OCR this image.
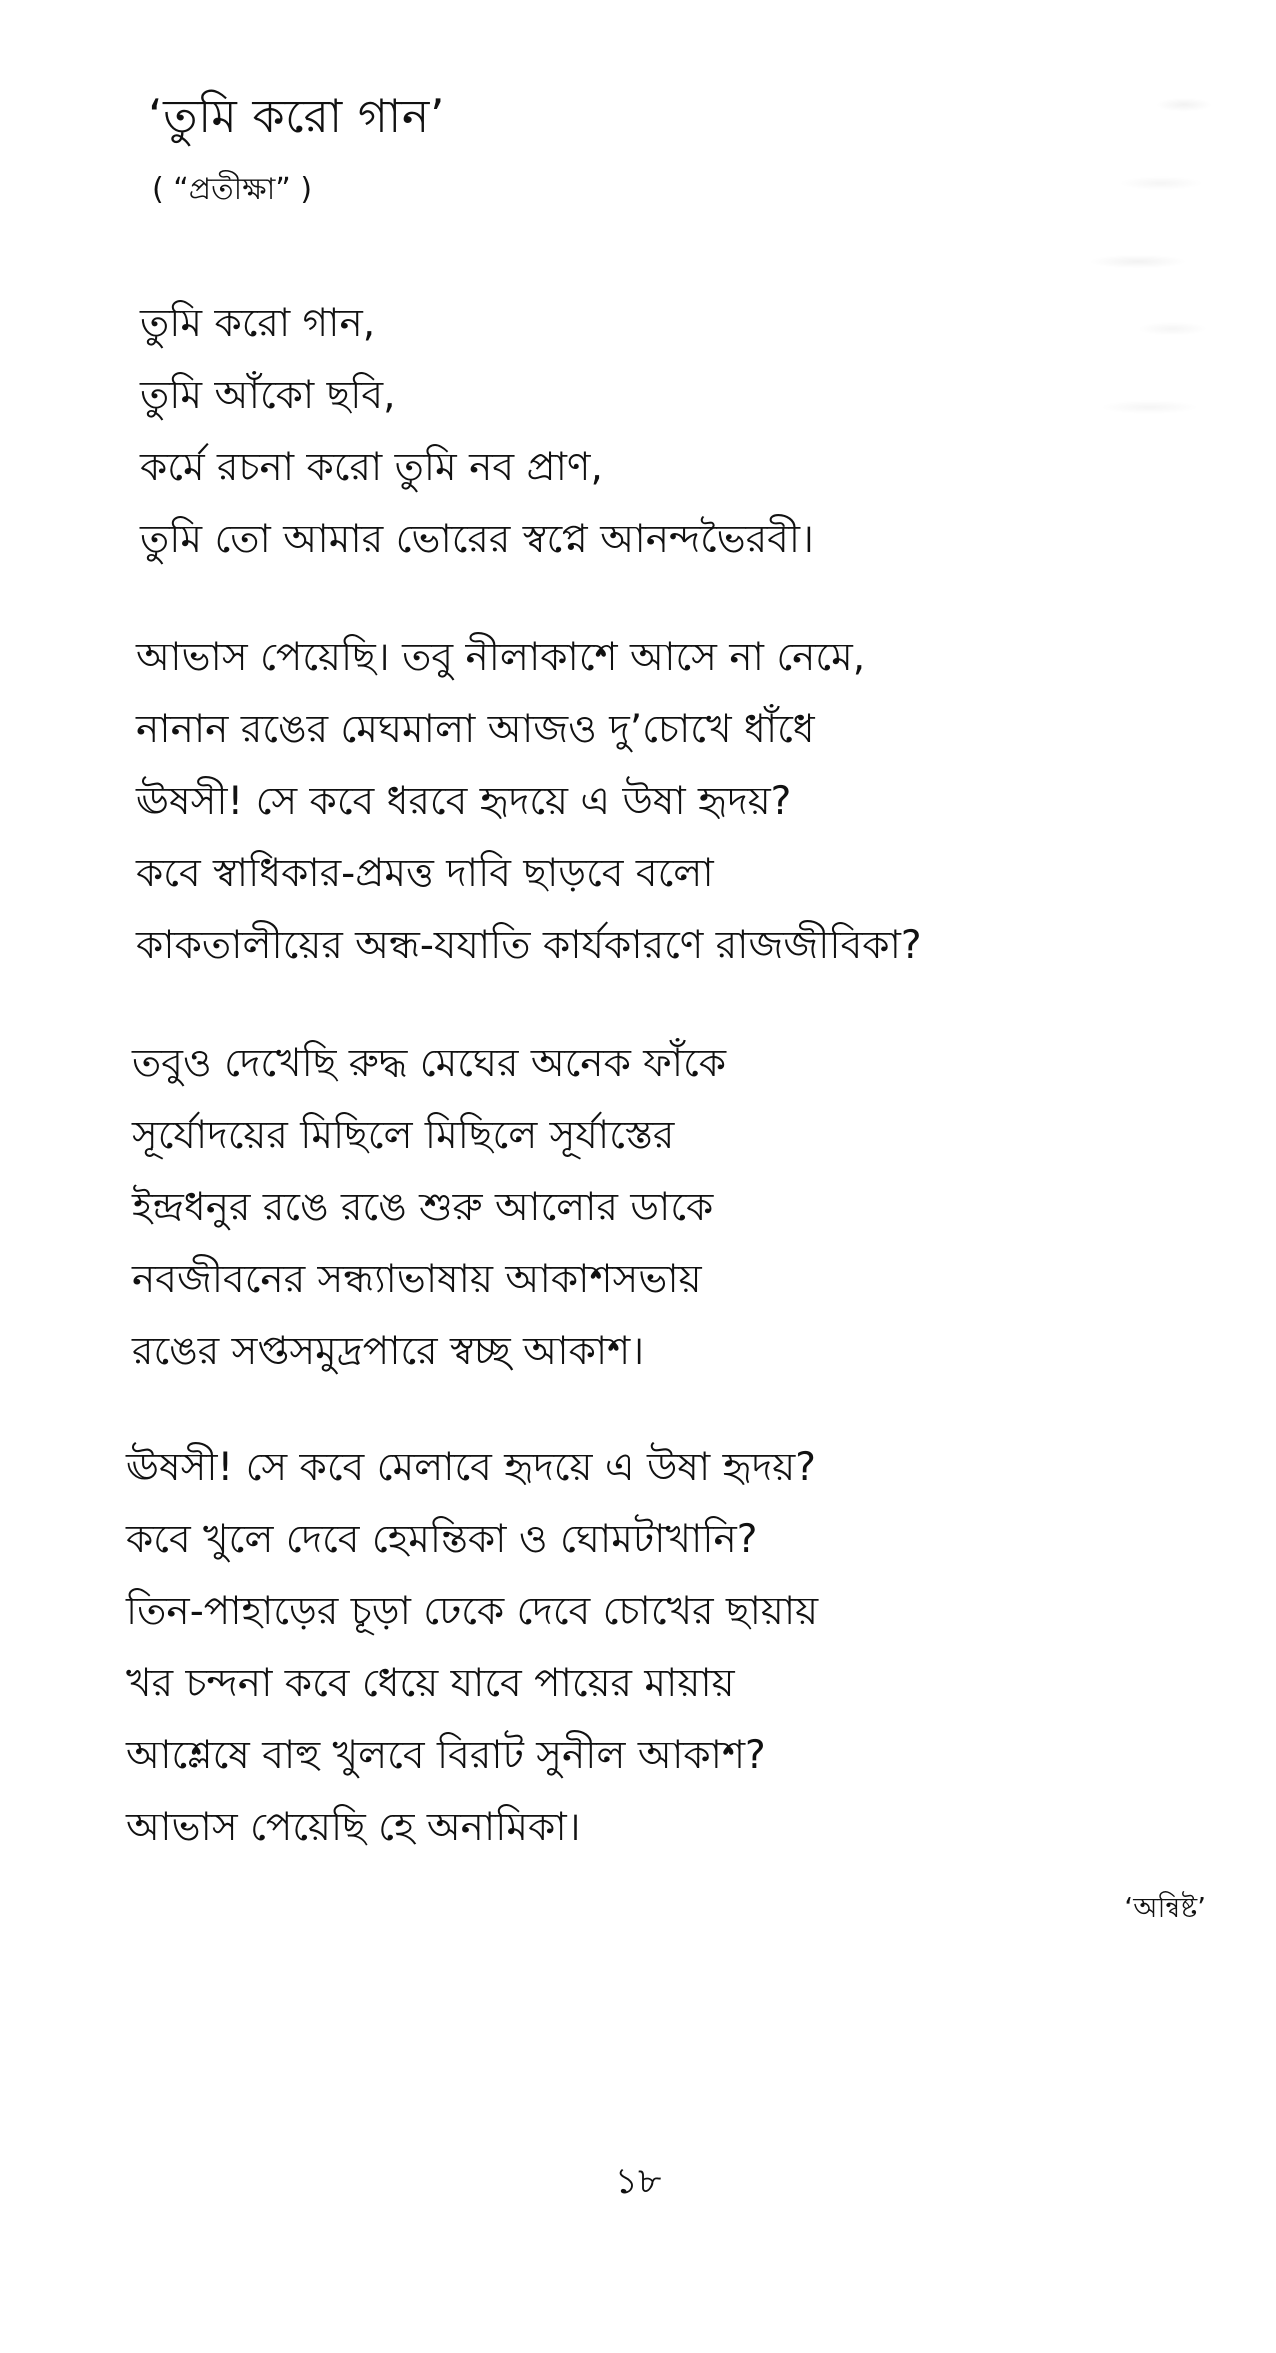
‘তুমি করো গান’
( “প্রতীক্ষা” )
তুমি করো গান,
তুমি আঁকো ছবি,
কর্মে রচনা করো তুমি নব প্রাণ,
তুমি তো আমার ভোরের স্বপ্নে আনন্দভৈরবী।
আভাস পেয়েছি। তবু নীলাকাশে আসে না নেমে,
নানান রঙের মেঘমালা আজও দু’চোখে ধাঁধে
ঊষসী! সে কবে ধরবে হৃদয়ে এ উষা হৃদয়?
কবে স্বাধিকার-প্রমত্ত দাবি ছাড়বে বলো
কাকতালীয়ের অন্ধ-যযাতি কার্যকারণে রাজজীবিকা?
তবুও দেখেছি রুদ্ধ মেঘের অনেক ফাঁকে
সূর্যোদয়ের মিছিলে মিছিলে সূর্যাস্তের
ইন্দ্রধনুর রঙে রঙে শুরু আলোর ডাকে
নবজীবনের সন্ধ্যাভাষায় আকাশসভায়
রঙের সপ্তসমুদ্রপারে স্বচ্ছ আকাশ।
ঊষসী! সে কবে মেলাবে হৃদয়ে এ উষা হৃদয়?
কবে খুলে দেবে হেমন্তিকা ও ঘোমটাখানি?
তিন-পাহাড়ের চূড়া ঢেকে দেবে চোখের ছায়ায়
খর চন্দনা কবে ধেয়ে যাবে পায়ের মায়ায়
আশ্লেষে বাহু খুলবে বিরাট সুনীল আকাশ?
আভাস পেয়েছি হে অনামিকা।
‘অন্বিষ্ট’
১৮
